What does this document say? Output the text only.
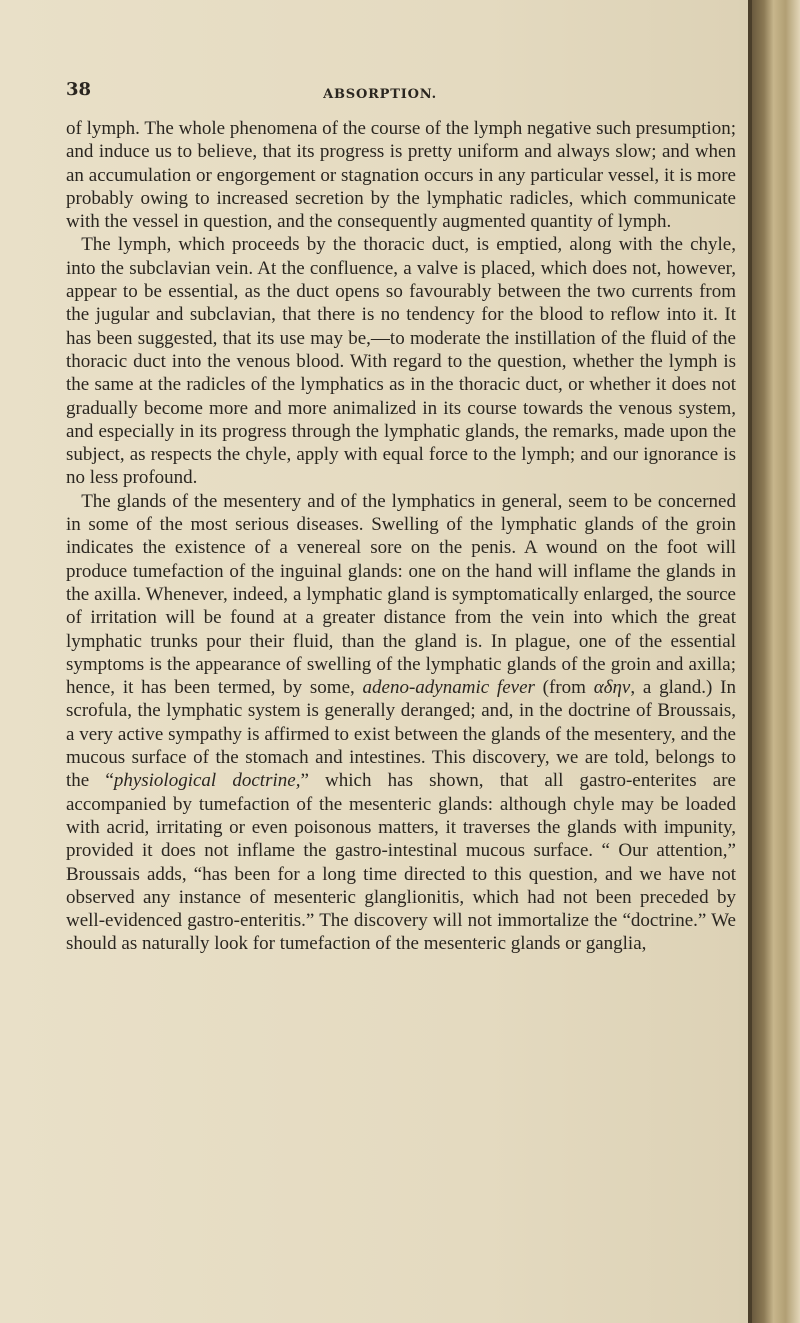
38	ABSORPTION.

of lymph. The whole phenomena of the course of the lymph negative such presumption; and induce us to believe, that its progress is pretty uniform and always slow; and when an accumulation or engorgement or stagnation occurs in any particular vessel, it is more probably owing to increased secretion by the lymphatic radicles, which communicate with the vessel in question, and the consequently augmented quantity of lymph.

The lymph, which proceeds by the thoracic duct, is emptied, along with the chyle, into the subclavian vein. At the confluence, a valve is placed, which does not, however, appear to be essential, as the duct opens so favourably between the two currents from the jugular and subclavian, that there is no tendency for the blood to reflow into it. It has been suggested, that its use may be,—to moderate the instillation of the fluid of the thoracic duct into the venous blood. With regard to the question, whether the lymph is the same at the radicles of the lymphatics as in the thoracic duct, or whether it does not gradually become more and more animalized in its course towards the venous system, and especially in its progress through the lymphatic glands, the remarks, made upon the subject, as respects the chyle, apply with equal force to the lymph; and our ignorance is no less profound.

The glands of the mesentery and of the lymphatics in general, seem to be concerned in some of the most serious diseases. Swelling of the lymphatic glands of the groin indicates the existence of a venereal sore on the penis. A wound on the foot will produce tumefaction of the inguinal glands: one on the hand will inflame the glands in the axilla. Whenever, indeed, a lymphatic gland is symptomatically enlarged, the source of irritation will be found at a greater distance from the vein into which the great lymphatic trunks pour their fluid, than the gland is. In plague, one of the essential symptoms is the appearance of swelling of the lymphatic glands of the groin and axilla; hence, it has been termed, by some, adeno-adynamic fever (from αδην, a gland.) In scrofula, the lymphatic system is generally deranged; and, in the doctrine of Broussais, a very active sympathy is affirmed to exist between the glands of the mesentery, and the mucous surface of the stomach and intestines. This discovery, we are told, belongs to the “physiological doctrine,” which has shown, that all gastro-enterites are accompanied by tumefaction of the mesenteric glands: although chyle may be loaded with acrid, irritating or even poisonous matters, it traverses the glands with impunity, provided it does not inflame the gastro-intestinal mucous surface. “ Our attention,” Broussais adds, “has been for a long time directed to this question, and we have not observed any instance of mesenteric glanglionitis, which had not been preceded by well-evidenced gastro-enteritis.” The discovery will not immortalize the “doctrine.” We should as naturally look for tumefaction of the mesenteric glands or ganglia,
